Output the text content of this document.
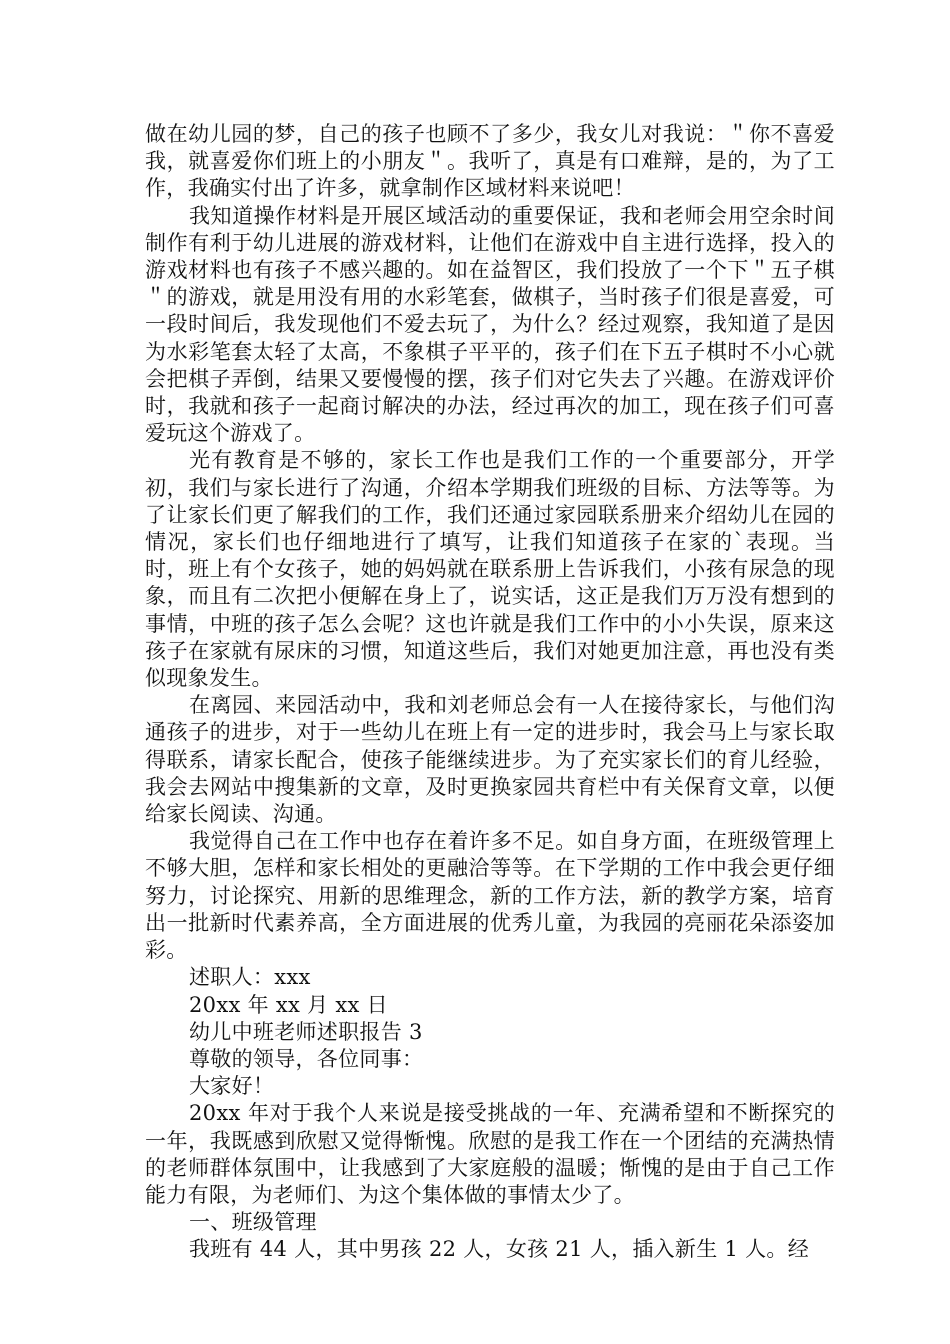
做在幼儿园的梦，自己的孩子也顾不了多少，我女儿对我说：＂你不喜爱我，就喜爱你们班上的小朋友＂。我听了，真是有口难辩，是的，为了工作，我确实付出了许多，就拿制作区域材料来说吧！

我知道操作材料是开展区域活动的重要保证，我和老师会用空余时间制作有利于幼儿进展的游戏材料，让他们在游戏中自主进行选择，投入的游戏材料也有孩子不感兴趣的。如在益智区，我们投放了一个下＂五子棋＂的游戏，就是用没有用的水彩笔套，做棋子，当时孩子们很是喜爱，可一段时间后，我发现他们不爱去玩了，为什么？经过观察，我知道了是因为水彩笔套太轻了太高，不象棋子平平的，孩子们在下五子棋时不小心就会把棋子弄倒，结果又要慢慢的摆，孩子们对它失去了兴趣。在游戏评价时，我就和孩子一起商讨解决的办法，经过再次的加工，现在孩子们可喜爱玩这个游戏了。

光有教育是不够的，家长工作也是我们工作的一个重要部分，开学初，我们与家长进行了沟通，介绍本学期我们班级的目标、方法等等。为了让家长们更了解我们的工作，我们还通过家园联系册来介绍幼儿在园的情况，家长们也仔细地进行了填写，让我们知道孩子在家的`表现。当时，班上有个女孩子，她的妈妈就在联系册上告诉我们，小孩有尿急的现象，而且有二次把小便解在身上了，说实话，这正是我们万万没有想到的事情，中班的孩子怎么会呢？这也许就是我们工作中的小小失误，原来这孩子在家就有尿床的习惯，知道这些后，我们对她更加注意，再也没有类似现象发生。

在离园、来园活动中，我和刘老师总会有一人在接待家长，与他们沟通孩子的进步，对于一些幼儿在班上有一定的进步时，我会马上与家长取得联系，请家长配合，使孩子能继续进步。为了充实家长们的育儿经验，我会去网站中搜集新的文章，及时更换家园共育栏中有关保育文章，以便给家长阅读、沟通。

我觉得自己在工作中也存在着许多不足。如自身方面，在班级管理上不够大胆，怎样和家长相处的更融洽等等。在下学期的工作中我会更仔细努力，讨论探究、用新的思维理念，新的工作方法，新的教学方案，培育出一批新时代素养高，全方面进展的优秀儿童，为我园的亮丽花朵添姿加彩。

述职人：xxx

20xx 年 xx 月 xx 日

幼儿中班老师述职报告 3

尊敬的领导，各位同事：

大家好！

20xx 年对于我个人来说是接受挑战的一年、充满希望和不断探究的一年，我既感到欣慰又觉得惭愧。欣慰的是我工作在一个团结的充满热情的老师群体氛围中，让我感到了大家庭般的温暖；惭愧的是由于自己工作能力有限，为老师们、为这个集体做的事情太少了。

一、班级管理

我班有 44 人，其中男孩 22 人，女孩 21 人，插入新生 1 人。经
